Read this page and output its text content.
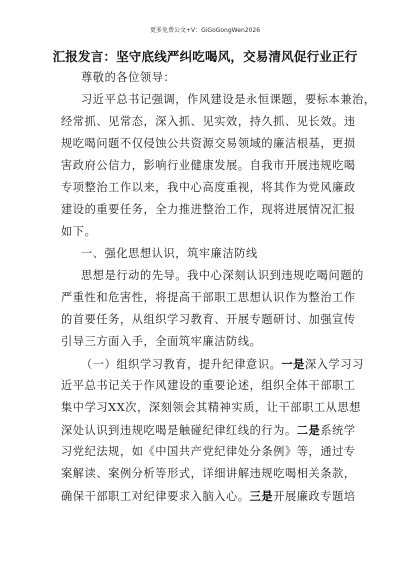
更多免费公文+V：GiGoGongWen2026
汇报发言：坚守底线严纠吃喝风，交易清风促行业正行
尊敬的各位领导：
习近平总书记强调，作风建设是永恒课题，要标本兼治，
经常抓、见常态，深入抓、见实效，持久抓、见长效。违
规吃喝问题不仅侵蚀公共资源交易领域的廉洁根基，更损
害政府公信力，影响行业健康发展。自我市开展违规吃喝
专项整治工作以来，我中心高度重视，将其作为党风廉政
建设的重要任务，全力推进整治工作，现将进展情况汇报
如下。
一、强化思想认识，筑牢廉洁防线
思想是行动的先导。我中心深刻认识到违规吃喝问题的
严重性和危害性，将提高干部职工思想认识作为整治工作
的首要任务，从组织学习教育、开展专题研讨、加强宣传
引导三方面入手，全面筑牢廉洁防线。
（一）组织学习教育，提升纪律意识。一是深入学习习
近平总书记关于作风建设的重要论述，组织全体干部职工
集中学习XX次，深刻领会其精神实质，让干部职工从思想
深处认识到违规吃喝是触碰纪律红线的行为。二是系统学
习党纪法规，如《中国共产党纪律处分条例》等，通过专
案解读、案例分析等形式，详细讲解违规吃喝相关条款，
确保干部职工对纪律要求入脑入心。三是开展廉政专题培
